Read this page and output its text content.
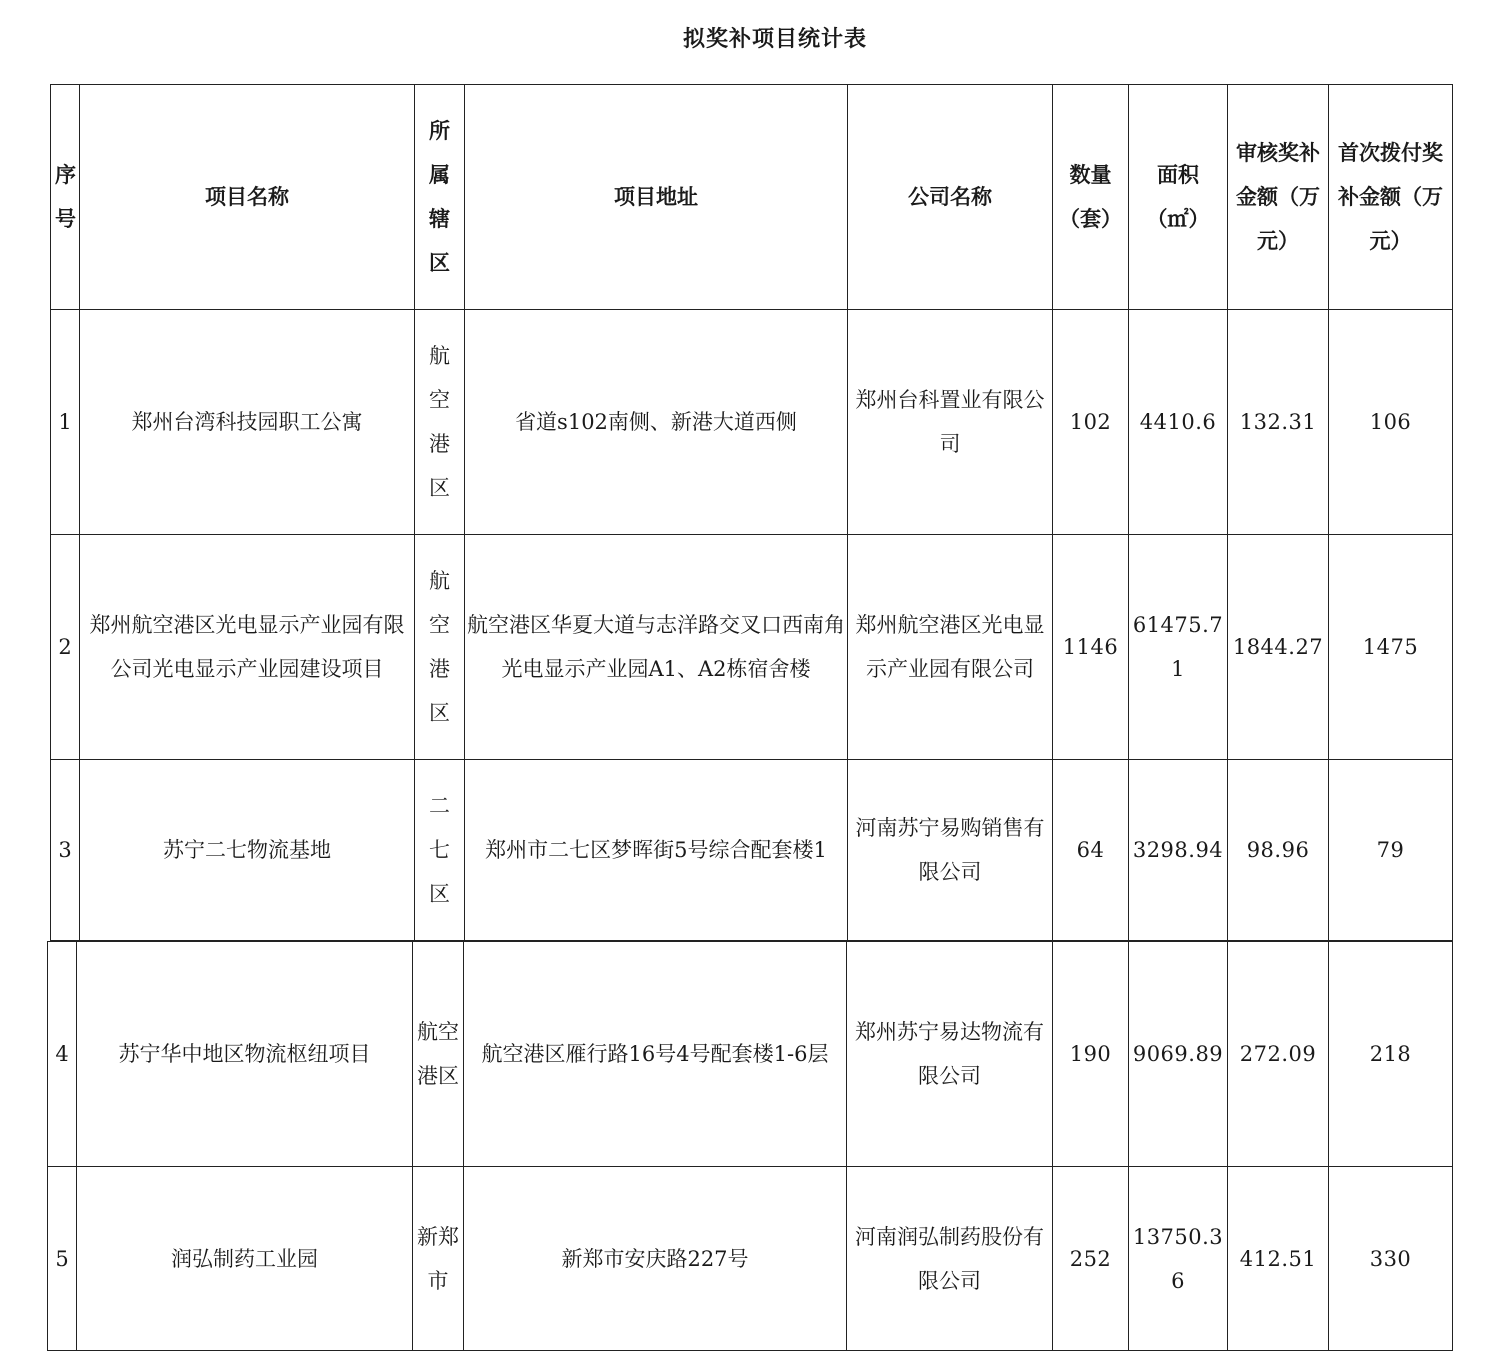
拟奖补项目统计表
序号	项目名称	所属辖区	项目地址	公司名称	数量（套）	面积（㎡）	审核奖补金额（万元）	首次拨付奖补金额（万元）
1	郑州台湾科技园职工公寓	航空港区	省道s102南侧、新港大道西侧	郑州台科置业有限公司	102	4410.6	132.31	106
2	郑州航空港区光电显示产业园有限公司光电显示产业园建设项目	航空港区	航空港区华夏大道与志洋路交叉口西南角光电显示产业园A1、A2栋宿舍楼	郑州航空港区光电显示产业园有限公司	1146	61475.71	1844.27	1475
3	苏宁二七物流基地	二七区	郑州市二七区梦晖街5号综合配套楼1	河南苏宁易购销售有限公司	64	3298.94	98.96	79
4	苏宁华中地区物流枢纽项目	航空港区	航空港区雁行路16号4号配套楼1-6层	郑州苏宁易达物流有限公司	190	9069.89	272.09	218
5	润弘制药工业园	新郑市	新郑市安庆路227号	河南润弘制药股份有限公司	252	13750.36	412.51	330
